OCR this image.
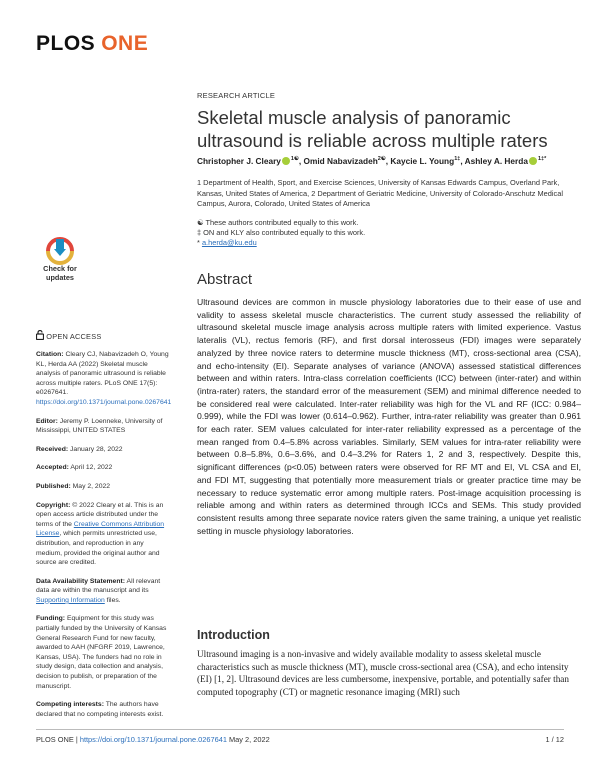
PLOS ONE
RESEARCH ARTICLE
Skeletal muscle analysis of panoramic ultrasound is reliable across multiple raters
Christopher J. Cleary $^{1☯}$, Omid Nabavizadeh$^{2☯}$, Kaycie L. Young$^{1\ddagger}$, Ashley A. Herda $^{1\ddagger*}$
1 Department of Health, Sport, and Exercise Sciences, University of Kansas Edwards Campus, Overland Park, Kansas, United States of America, 2 Department of Geriatric Medicine, University of Colorado-Anschutz Medical Campus, Aurora, Colorado, United States of America
☯ These authors contributed equally to this work.
‡ ON and KLY also contributed equally to this work.
* a.herda@ku.edu
Check for
updates
OPEN ACCESS

Citation: Cleary CJ, Nabavizadeh O, Young KL, Herda AA (2022) Skeletal muscle analysis of panoramic ultrasound is reliable across multiple raters. PLoS ONE 17(5): e0267641. https://doi.org/10.1371/journal.pone.0267641

Editor: Jeremy P. Loenneke, University of Mississippi, UNITED STATES

Received: January 28, 2022

Accepted: April 12, 2022

Published: May 2, 2022

Copyright: © 2022 Cleary et al. This is an open access article distributed under the terms of the Creative Commons Attribution License, which permits unrestricted use, distribution, and reproduction in any medium, provided the original author and source are credited.

Data Availability Statement: All relevant data are within the manuscript and its Supporting Information files.

Funding: Equipment for this study was partially funded by the University of Kansas General Research Fund for new faculty, awarded to AAH (NFGRF 2019, Lawrence, Kansas, USA). The funders had no role in study design, data collection and analysis, decision to publish, or preparation of the manuscript.

Competing interests: The authors have declared that no competing interests exist.

Abstract
Ultrasound devices are common in muscle physiology laboratories due to their ease of use and validity to assess skeletal muscle characteristics. The current study assessed the reliability of ultrasound skeletal muscle image analysis across multiple raters with limited experience. Vastus lateralis (VL), rectus femoris (RF), and first dorsal interosseus (FDI) images were separately analyzed by three novice raters to determine muscle thickness (MT), cross-sectional area (CSA), and echo-intensity (EI). Separate analyses of variance (ANOVA) assessed statistical differences between and within raters. Intra-class correlation coefficients (ICC) between (inter-rater) and within (intra-rater) raters, the standard error of the measurement (SEM) and minimal difference needed to be considered real were calculated. Inter-rater reliability was high for the VL and RF (ICC: 0.984–0.999), while the FDI was lower (0.614–0.962). Further, intra-rater reliability was greater than 0.961 for each rater. SEM values calculated for inter-rater reliability expressed as a percentage of the mean ranged from 0.4–5.8% across variables. Similarly, SEM values for intra-rater reliability were between 0.8–5.8%, 0.6–3.6%, and 0.4–3.2% for Raters 1, 2 and 3, respectively. Despite this, significant differences (p<0.05) between raters were observed for RF MT and EI, VL CSA and EI, and FDI MT, suggesting that potentially more measurement trials or greater practice time may be necessary to reduce systematic error among multiple raters. Post-image acquisition processing is reliable among and within raters as determined through ICCs and SEMs. This study provided consistent results among three separate novice raters given the same training, a unique yet realistic setting in muscle physiology laboratories.
Introduction
Ultrasound imaging is a non-invasive and widely available modality to assess skeletal muscle characteristics such as muscle thickness (MT), muscle cross-sectional area (CSA), and echo intensity (EI) [1, 2]. Ultrasound devices are less cumbersome, inexpensive, portable, and potentially safer than computed topography (CT) or magnetic resonance imaging (MRI) such
PLOS ONE | https://doi.org/10.1371/journal.pone.0267641 May 2, 2022	1 / 12
